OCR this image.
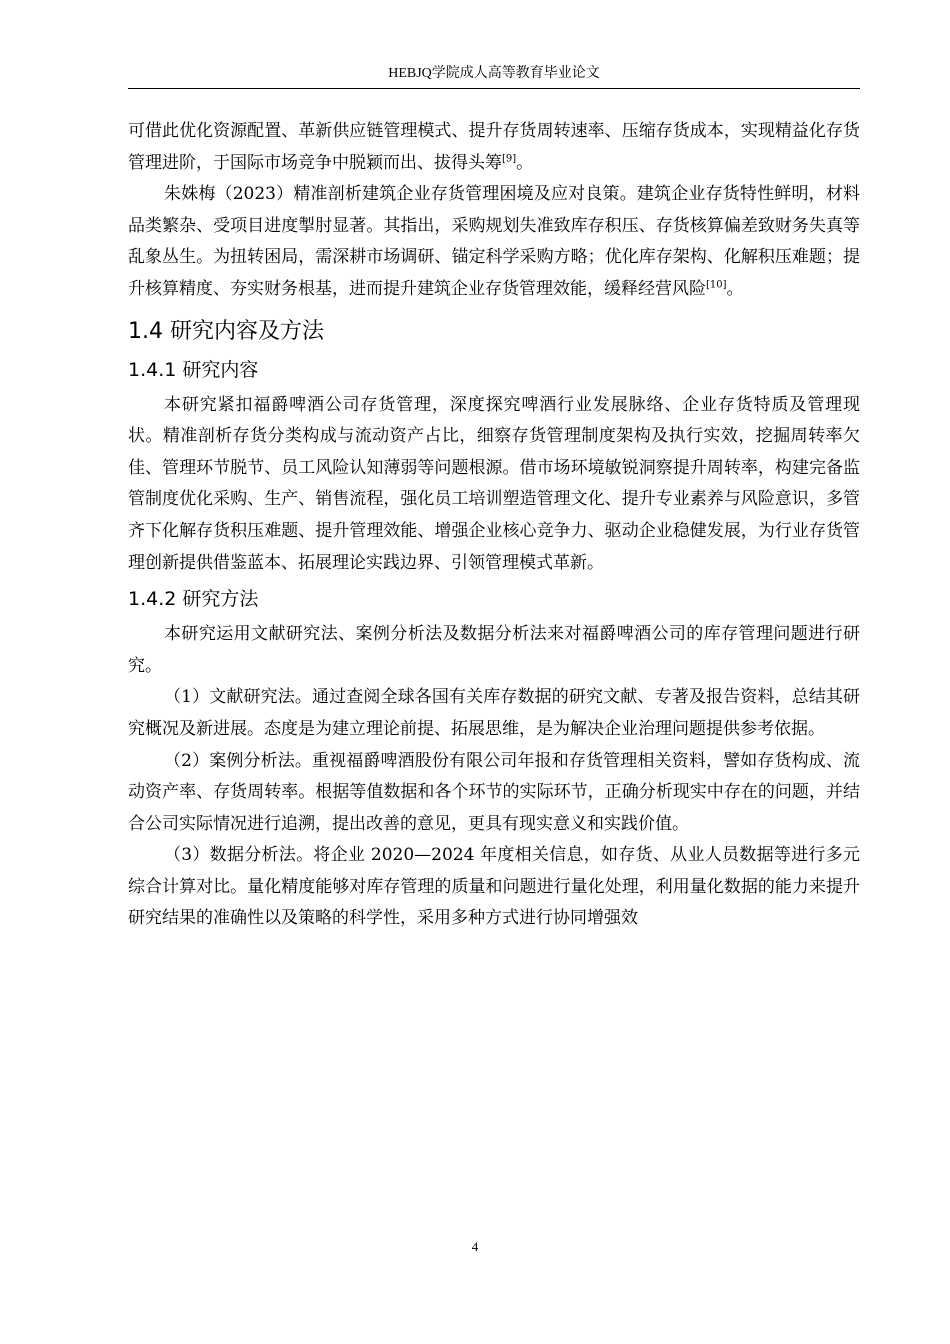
HEBJQ学院成人高等教育毕业论文

可借此优化资源配置、革新供应链管理模式、提升存货周转速率、压缩存货成本，实现精益化存货管理进阶，于国际市场竞争中脱颖而出、拔得头筹[9]。

朱姝梅（2023）精准剖析建筑企业存货管理困境及应对良策。建筑企业存货特性鲜明，材料品类繁杂、受项目进度掣肘显著。其指出，采购规划失准致库存积压、存货核算偏差致财务失真等乱象丛生。为扭转困局，需深耕市场调研、锚定科学采购方略；优化库存架构、化解积压难题；提升核算精度、夯实财务根基，进而提升建筑企业存货管理效能，缓释经营风险[10]。

1.4 研究内容及方法
1.4.1 研究内容

本研究紧扣福爵啤酒公司存货管理，深度探究啤酒行业发展脉络、企业存货特质及管理现状。精准剖析存货分类构成与流动资产占比，细察存货管理制度架构及执行实效，挖掘周转率欠佳、管理环节脱节、员工风险认知薄弱等问题根源。借市场环境敏锐洞察提升周转率，构建完备监管制度优化采购、生产、销售流程，强化员工培训塑造管理文化、提升专业素养与风险意识，多管齐下化解存货积压难题、提升管理效能、增强企业核心竞争力、驱动企业稳健发展，为行业存货管理创新提供借鉴蓝本、拓展理论实践边界、引领管理模式革新。

1.4.2 研究方法

本研究运用文献研究法、案例分析法及数据分析法来对福爵啤酒公司的库存管理问题进行研究。

（1）文献研究法。通过查阅全球各国有关库存数据的研究文献、专著及报告资料，总结其研究概况及新进展。态度是为建立理论前提、拓展思维，是为解决企业治理问题提供参考依据。

（2）案例分析法。重视福爵啤酒股份有限公司年报和存货管理相关资料，譬如存货构成、流动资产率、存货周转率。根据等值数据和各个环节的实际环节，正确分析现实中存在的问题，并结合公司实际情况进行追溯，提出改善的意见，更具有现实意义和实践价值。

（3）数据分析法。将企业 2020—2024 年度相关信息，如存货、从业人员数据等进行多元综合计算对比。量化精度能够对库存管理的质量和问题进行量化处理，利用量化数据的能力来提升研究结果的准确性以及策略的科学性，采用多种方式进行协同增强效

4
